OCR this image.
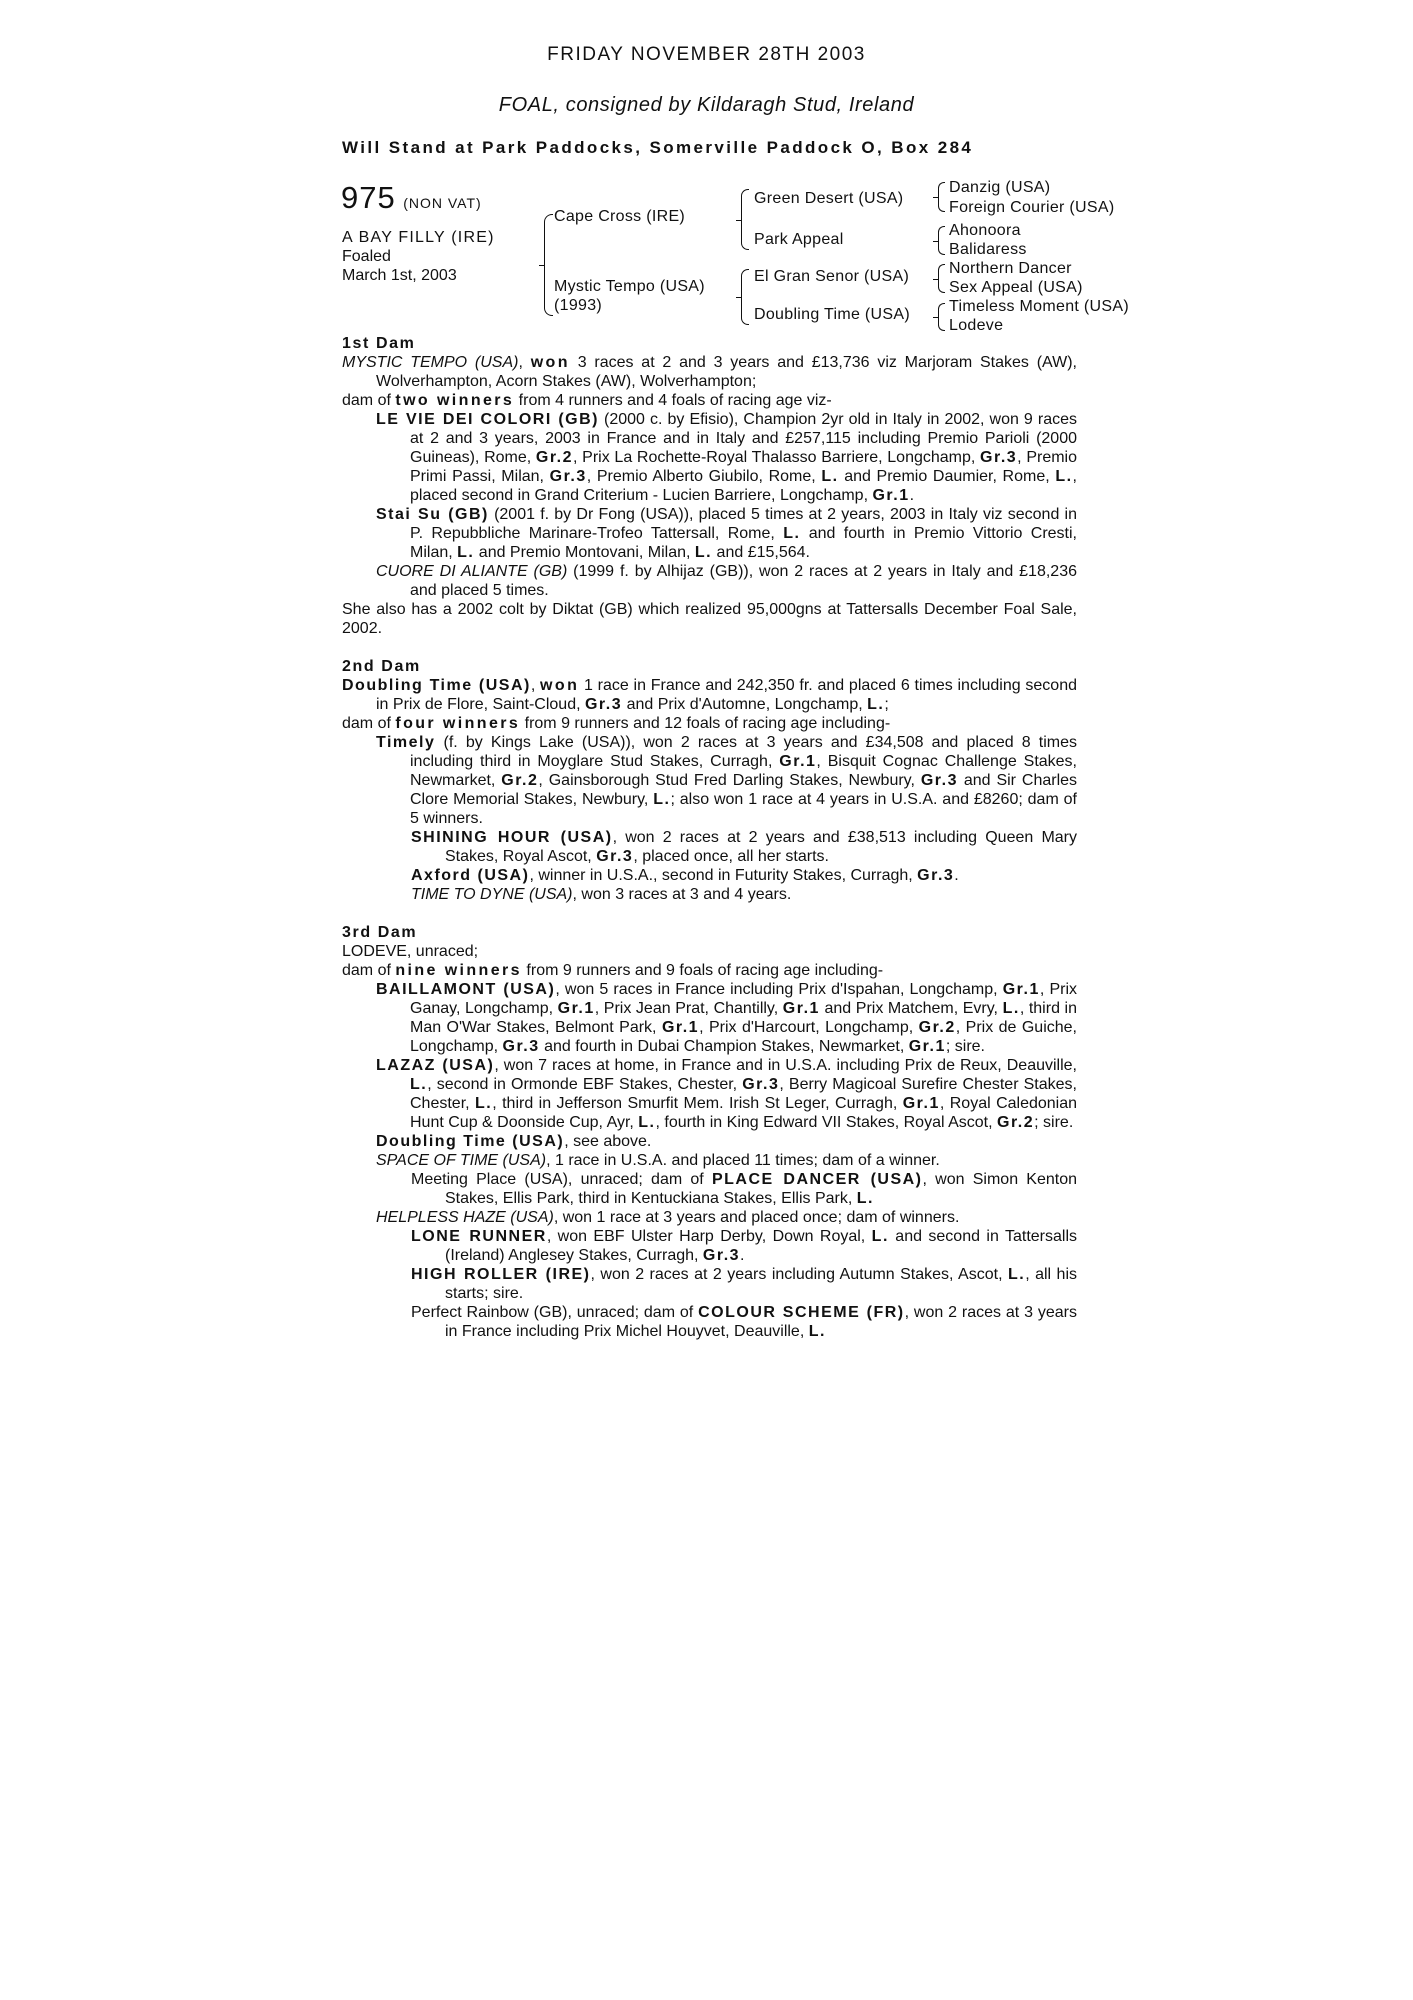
FRIDAY NOVEMBER 28TH 2003
FOAL, consigned by Kildaragh Stud, Ireland
Will Stand at Park Paddocks, Somerville Paddock O, Box 284
975 (NON VAT)
A BAY FILLY (IRE)
Foaled
March 1st, 2003
Cape Cross (IRE)
Mystic Tempo (USA)
(1993)
Green Desert (USA)
Park Appeal
El Gran Senor (USA)
Doubling Time (USA)
Danzig (USA)
Foreign Courier (USA)
Ahonoora
Balidaress
Northern Dancer
Sex Appeal (USA)
Timeless Moment (USA)
Lodeve
1st Dam
MYSTIC TEMPO (USA), won 3 races at 2 and 3 years and £13,736 viz Marjoram Stakes (AW), Wolverhampton, Acorn Stakes (AW), Wolverhampton;
dam of two winners from 4 runners and 4 foals of racing age viz-
LE VIE DEI COLORI (GB) (2000 c. by Efisio), Champion 2yr old in Italy in 2002, won 9 races at 2 and 3 years, 2003 in France and in Italy and £257,115 including Premio Parioli (2000 Guineas), Rome, Gr.2, Prix La Rochette-Royal Thalasso Barriere, Longchamp, Gr.3, Premio Primi Passi, Milan, Gr.3, Premio Alberto Giubilo, Rome, L. and Premio Daumier, Rome, L., placed second in Grand Criterium - Lucien Barriere, Longchamp, Gr.1.
Stai Su (GB) (2001 f. by Dr Fong (USA)), placed 5 times at 2 years, 2003 in Italy viz second in P. Repubbliche Marinare-Trofeo Tattersall, Rome, L. and fourth in Premio Vittorio Cresti, Milan, L. and Premio Montovani, Milan, L. and £15,564.
CUORE DI ALIANTE (GB) (1999 f. by Alhijaz (GB)), won 2 races at 2 years in Italy and £18,236 and placed 5 times.
She also has a 2002 colt by Diktat (GB) which realized 95,000gns at Tattersalls December Foal Sale, 2002.
2nd Dam
Doubling Time (USA), won 1 race in France and 242,350 fr. and placed 6 times including second in Prix de Flore, Saint-Cloud, Gr.3 and Prix d'Automne, Longchamp, L.;
dam of four winners from 9 runners and 12 foals of racing age including-
Timely (f. by Kings Lake (USA)), won 2 races at 3 years and £34,508 and placed 8 times including third in Moyglare Stud Stakes, Curragh, Gr.1, Bisquit Cognac Challenge Stakes, Newmarket, Gr.2, Gainsborough Stud Fred Darling Stakes, Newbury, Gr.3 and Sir Charles Clore Memorial Stakes, Newbury, L.; also won 1 race at 4 years in U.S.A. and £8260; dam of 5 winners.
SHINING HOUR (USA), won 2 races at 2 years and £38,513 including Queen Mary Stakes, Royal Ascot, Gr.3, placed once, all her starts.
Axford (USA), winner in U.S.A., second in Futurity Stakes, Curragh, Gr.3.
TIME TO DYNE (USA), won 3 races at 3 and 4 years.
3rd Dam
LODEVE, unraced;
dam of nine winners from 9 runners and 9 foals of racing age including-
BAILLAMONT (USA), won 5 races in France including Prix d'Ispahan, Longchamp, Gr.1, Prix Ganay, Longchamp, Gr.1, Prix Jean Prat, Chantilly, Gr.1 and Prix Matchem, Evry, L., third in Man O'War Stakes, Belmont Park, Gr.1, Prix d'Harcourt, Longchamp, Gr.2, Prix de Guiche, Longchamp, Gr.3 and fourth in Dubai Champion Stakes, Newmarket, Gr.1; sire.
LAZAZ (USA), won 7 races at home, in France and in U.S.A. including Prix de Reux, Deauville, L., second in Ormonde EBF Stakes, Chester, Gr.3, Berry Magicoal Surefire Chester Stakes, Chester, L., third in Jefferson Smurfit Mem. Irish St Leger, Curragh, Gr.1, Royal Caledonian Hunt Cup & Doonside Cup, Ayr, L., fourth in King Edward VII Stakes, Royal Ascot, Gr.2; sire.
Doubling Time (USA), see above.
SPACE OF TIME (USA), 1 race in U.S.A. and placed 11 times; dam of a winner.
Meeting Place (USA), unraced; dam of PLACE DANCER (USA), won Simon Kenton Stakes, Ellis Park, third in Kentuckiana Stakes, Ellis Park, L.
HELPLESS HAZE (USA), won 1 race at 3 years and placed once; dam of winners.
LONE RUNNER, won EBF Ulster Harp Derby, Down Royal, L. and second in Tattersalls (Ireland) Anglesey Stakes, Curragh, Gr.3.
HIGH ROLLER (IRE), won 2 races at 2 years including Autumn Stakes, Ascot, L., all his starts; sire.
Perfect Rainbow (GB), unraced; dam of COLOUR SCHEME (FR), won 2 races at 3 years in France including Prix Michel Houyvet, Deauville, L.
